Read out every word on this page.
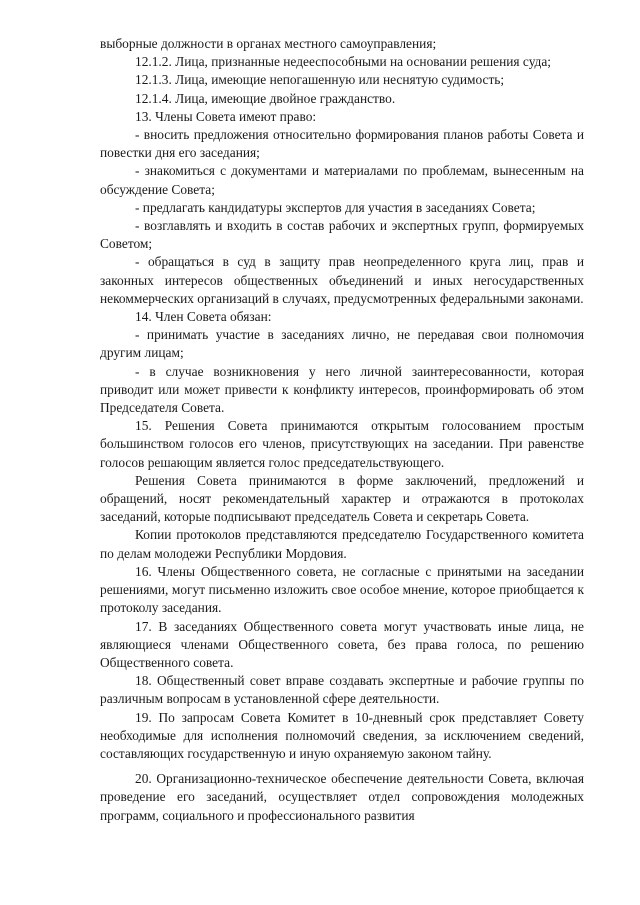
выборные должности в органах местного самоуправления;

12.1.2. Лица, признанные недееспособными на основании решения суда;

12.1.3. Лица, имеющие непогашенную или неснятую судимость;

12.1.4. Лица, имеющие двойное гражданство.

13. Члены Совета имеют право:

- вносить предложения относительно формирования планов работы Совета и повестки дня его заседания;

- знакомиться с документами и материалами по проблемам, вынесенным на обсуждение Совета;

- предлагать кандидатуры экспертов для участия в заседаниях Совета;

- возглавлять и входить в состав рабочих и экспертных групп, формируемых Советом;

- обращаться в суд в защиту прав неопределенного круга лиц, прав и законных интересов общественных объединений и иных негосударственных некоммерческих организаций в случаях, предусмотренных федеральными законами.

14. Член Совета обязан:

- принимать участие в заседаниях лично, не передавая свои полномочия другим лицам;

- в случае возникновения у него личной заинтересованности, которая приводит или может привести к конфликту интересов, проинформировать об этом Председателя Совета.

15. Решения Совета принимаются открытым голосованием простым большинством голосов его членов, присутствующих на заседании. При равенстве голосов решающим является голос председательствующего.

Решения Совета принимаются в форме заключений, предложений и обращений, носят рекомендательный характер и отражаются в протоколах заседаний, которые подписывают председатель Совета и секретарь Совета.

Копии протоколов представляются председателю Государственного комитета по делам молодежи Республики Мордовия.

16. Члены Общественного совета, не согласные с принятыми на заседании решениями, могут письменно изложить свое особое мнение, которое приобщается к протоколу заседания.

17. В заседаниях Общественного совета могут участвовать иные лица, не являющиеся членами Общественного совета, без права голоса, по решению Общественного совета.

18. Общественный совет вправе создавать экспертные и рабочие группы по различным вопросам в установленной сфере деятельности.

19. По запросам Совета Комитет в 10-дневный срок представляет Совету необходимые для исполнения полномочий сведения, за исключением сведений, составляющих государственную и иную охраняемую законом тайну.

20. Организационно-техническое обеспечение деятельности Совета, включая проведение его заседаний, осуществляет отдел сопровождения молодежных программ, социального и профессионального развития
